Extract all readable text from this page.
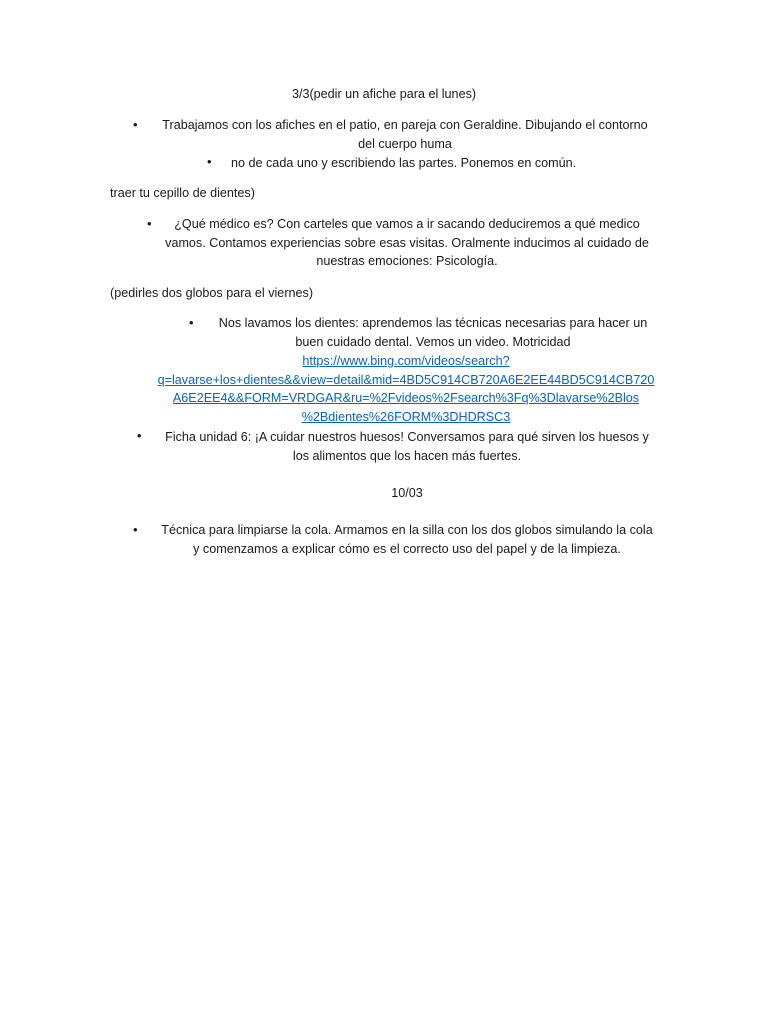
3/3(pedir un afiche para el lunes)
•	Trabajamos con los afiches en el patio, en pareja con Geraldine. Dibujando el contorno
del cuerpo huma
• no de cada uno y escribiendo las partes. Ponemos en común.
traer tu cepillo de dientes)
•	¿Qué médico es? Con carteles que vamos a ir sacando deduciremos a qué medico
vamos. Contamos experiencias sobre esas visitas. Oralmente inducimos al cuidado de
nuestras emociones: Psicología.
(pedirles dos globos para el viernes)
•	Nos lavamos los dientes: aprendemos las técnicas necesarias para hacer un
buen cuidado dental. Vemos un video. Motricidad
https://www.bing.com/videos/search?
q=lavarse+los+dientes&&view=detail&mid=4BD5C914CB720A6E2EE44BD5C914CB720
A6E2EE4&&FORM=VRDGAR&ru=%2Fvideos%2Fsearch%3Fq%3Dlavarse%2Blos
%2Bdientes%26FORM%3DHDRSC3
•	Ficha unidad 6: ¡A cuidar nuestros huesos! Conversamos para qué sirven los huesos y
los alimentos que los hacen más fuertes.
10/03
•	Técnica para limpiarse la cola. Armamos en la silla con los dos globos simulando la cola
y comenzamos a explicar cómo es el correcto uso del papel y de la limpieza.
